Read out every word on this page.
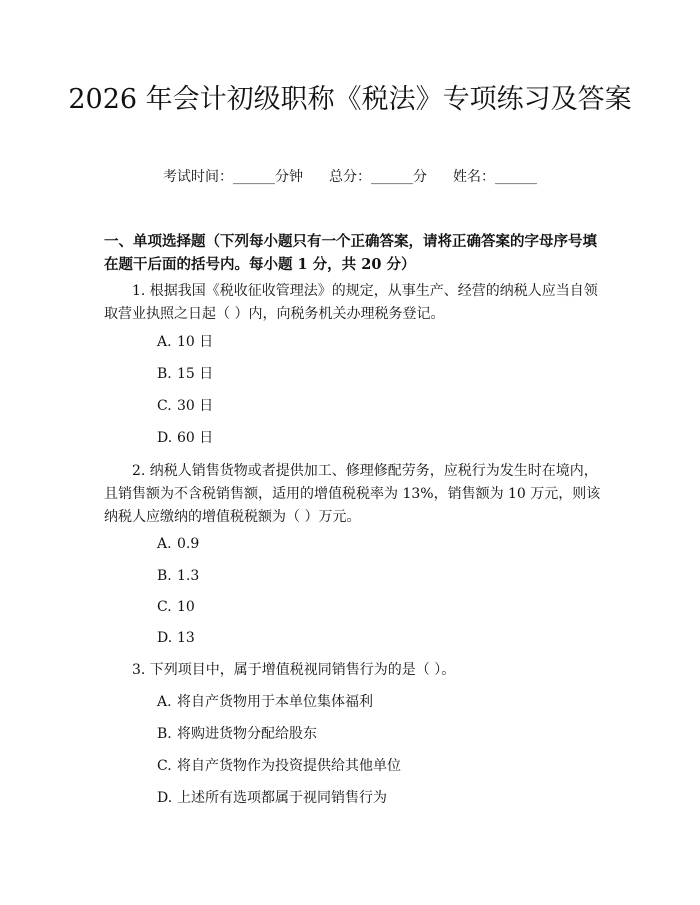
2026 年会计初级职称《税法》专项练习及答案
考试时间：______分钟 总分：______分 姓名：______

一、单项选择题（下列每小题只有一个正确答案，请将正确答案的字母序号填在题干后面的括号内。每小题 1 分，共 20 分）

1. 根据我国《税收征收管理法》的规定，从事生产、经营的纳税人应当自领取营业执照之日起（ ）内，向税务机关办理税务登记。

A. 10 日

B. 15 日

C. 30 日

D. 60 日

2. 纳税人销售货物或者提供加工、修理修配劳务，应税行为发生时在境内，且销售额为不含税销售额，适用的增值税税率为 13%，销售额为 10 万元，则该纳税人应缴纳的增值税税额为（ ）万元。

A. 0.9

B. 1.3

C. 10

D. 13

3. 下列项目中，属于增值税视同销售行为的是（ ）。

A. 将自产货物用于本单位集体福利

B. 将购进货物分配给股东

C. 将自产货物作为投资提供给其他单位

D. 上述所有选项都属于视同销售行为
